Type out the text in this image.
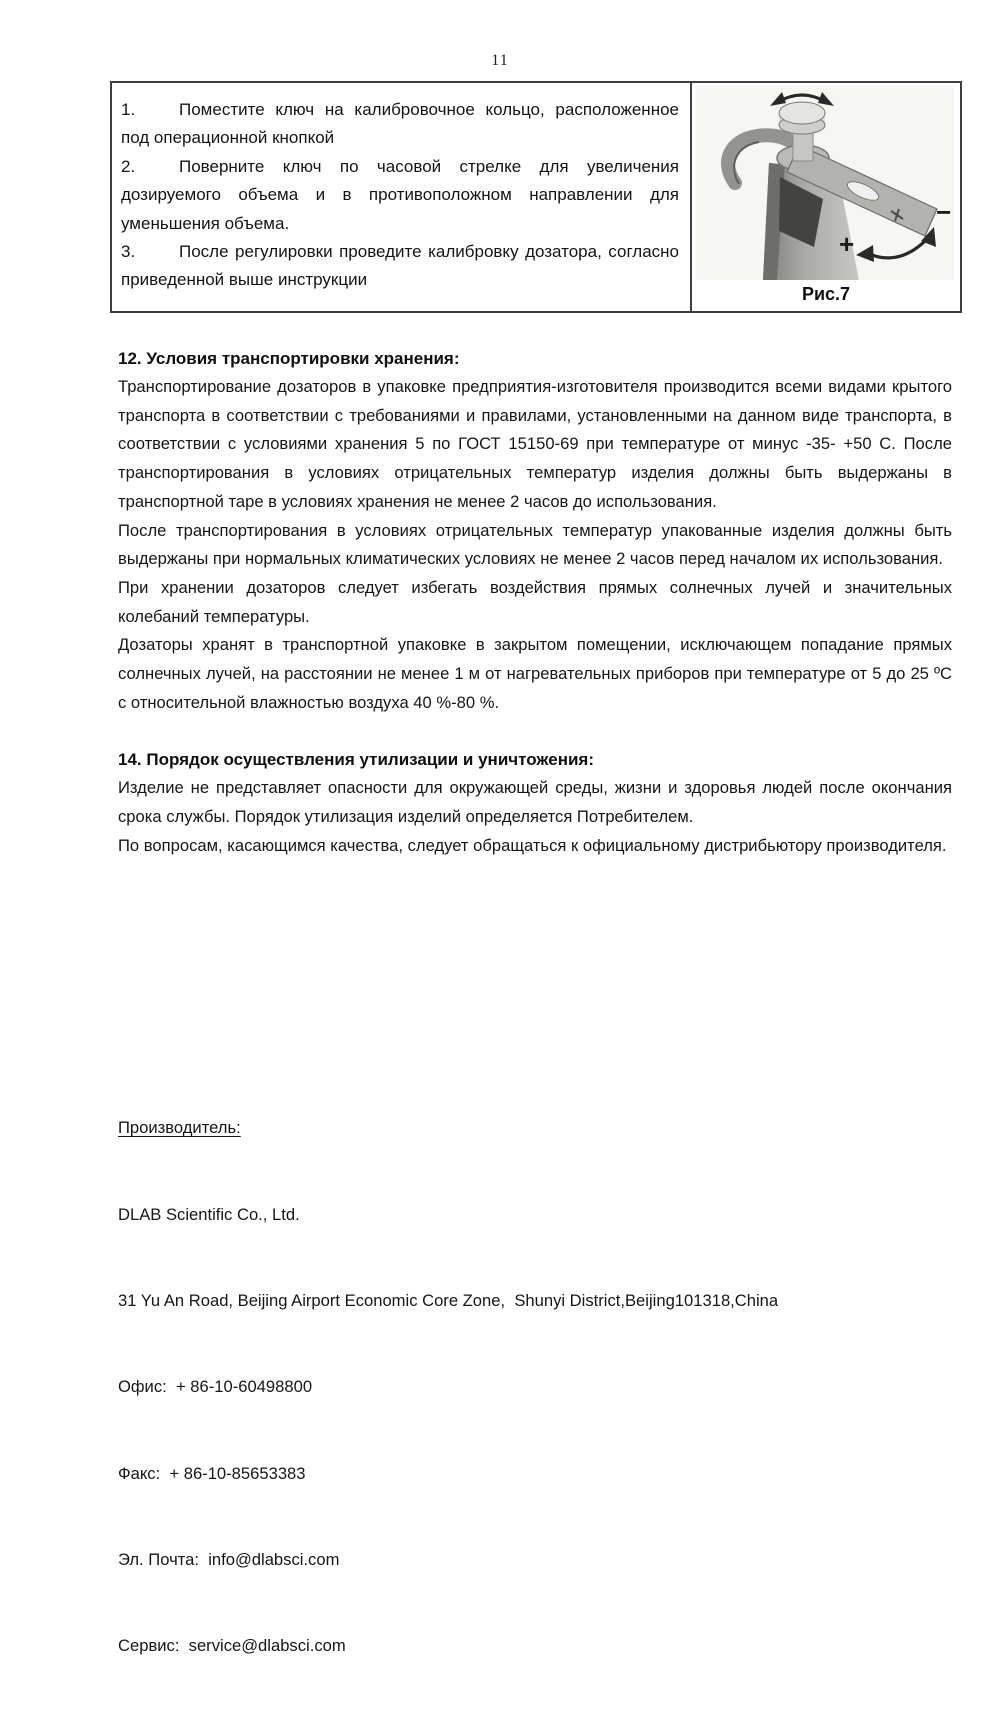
11

1.	Поместите ключ на калибровочное кольцо, расположенное под операционной кнопкой

2.	Поверните ключ по часовой стрелке для увеличения дозируемого объема и в противоположном направлении для уменьшения объема.

3.	После регулировки проведите калибровку дозатора, согласно приведенной выше инструкции

+
−
Рис.7
12. Условия транспортировки хранения:

Транспортирование дозаторов в упаковке предприятия-изготовителя производится всеми видами крытого транспорта в соответствии с требованиями и правилами, установленными на данном виде транспорта, в соответствии с условиями хранения 5 по ГОСТ 15150-69 при температуре от минус -35- +50 С. После транспортирования в условиях отрицательных температур изделия должны быть выдержаны в транспортной таре в условиях хранения не менее 2 часов до использования.

После транспортирования в условиях отрицательных температур упакованные изделия должны быть выдержаны при нормальных климатических условиях не менее 2 часов перед началом их использования.

При хранении дозаторов следует избегать воздействия прямых солнечных лучей и значительных колебаний температуры.

Дозаторы хранят в транспортной упаковке в закрытом помещении, исключающем попадание прямых солнечных лучей, на расстоянии не менее 1 м от нагревательных приборов при температуре от 5 до 25 ºС с относительной влажностью воздуха 40 %-80 %.

14. Порядок осуществления утилизации и уничтожения:

Изделие не представляет опасности для окружающей среды, жизни и здоровья людей после окончания срока службы. Порядок утилизация изделий определяется Потребителем.

По вопросам, касающимся качества, следует обращаться к официальному дистрибьютору производителя.

Производитель:

DLAB Scientific Co., Ltd.

31 Yu An Road, Beijing Airport Economic Core Zone,  Shunyi District,Beijing101318,China

Офис:  + 86-10-60498800

Факс:  + 86-10-85653383

Эл. Почта:  info@dlabsci.com

Сервис:  service@dlabsci.com
